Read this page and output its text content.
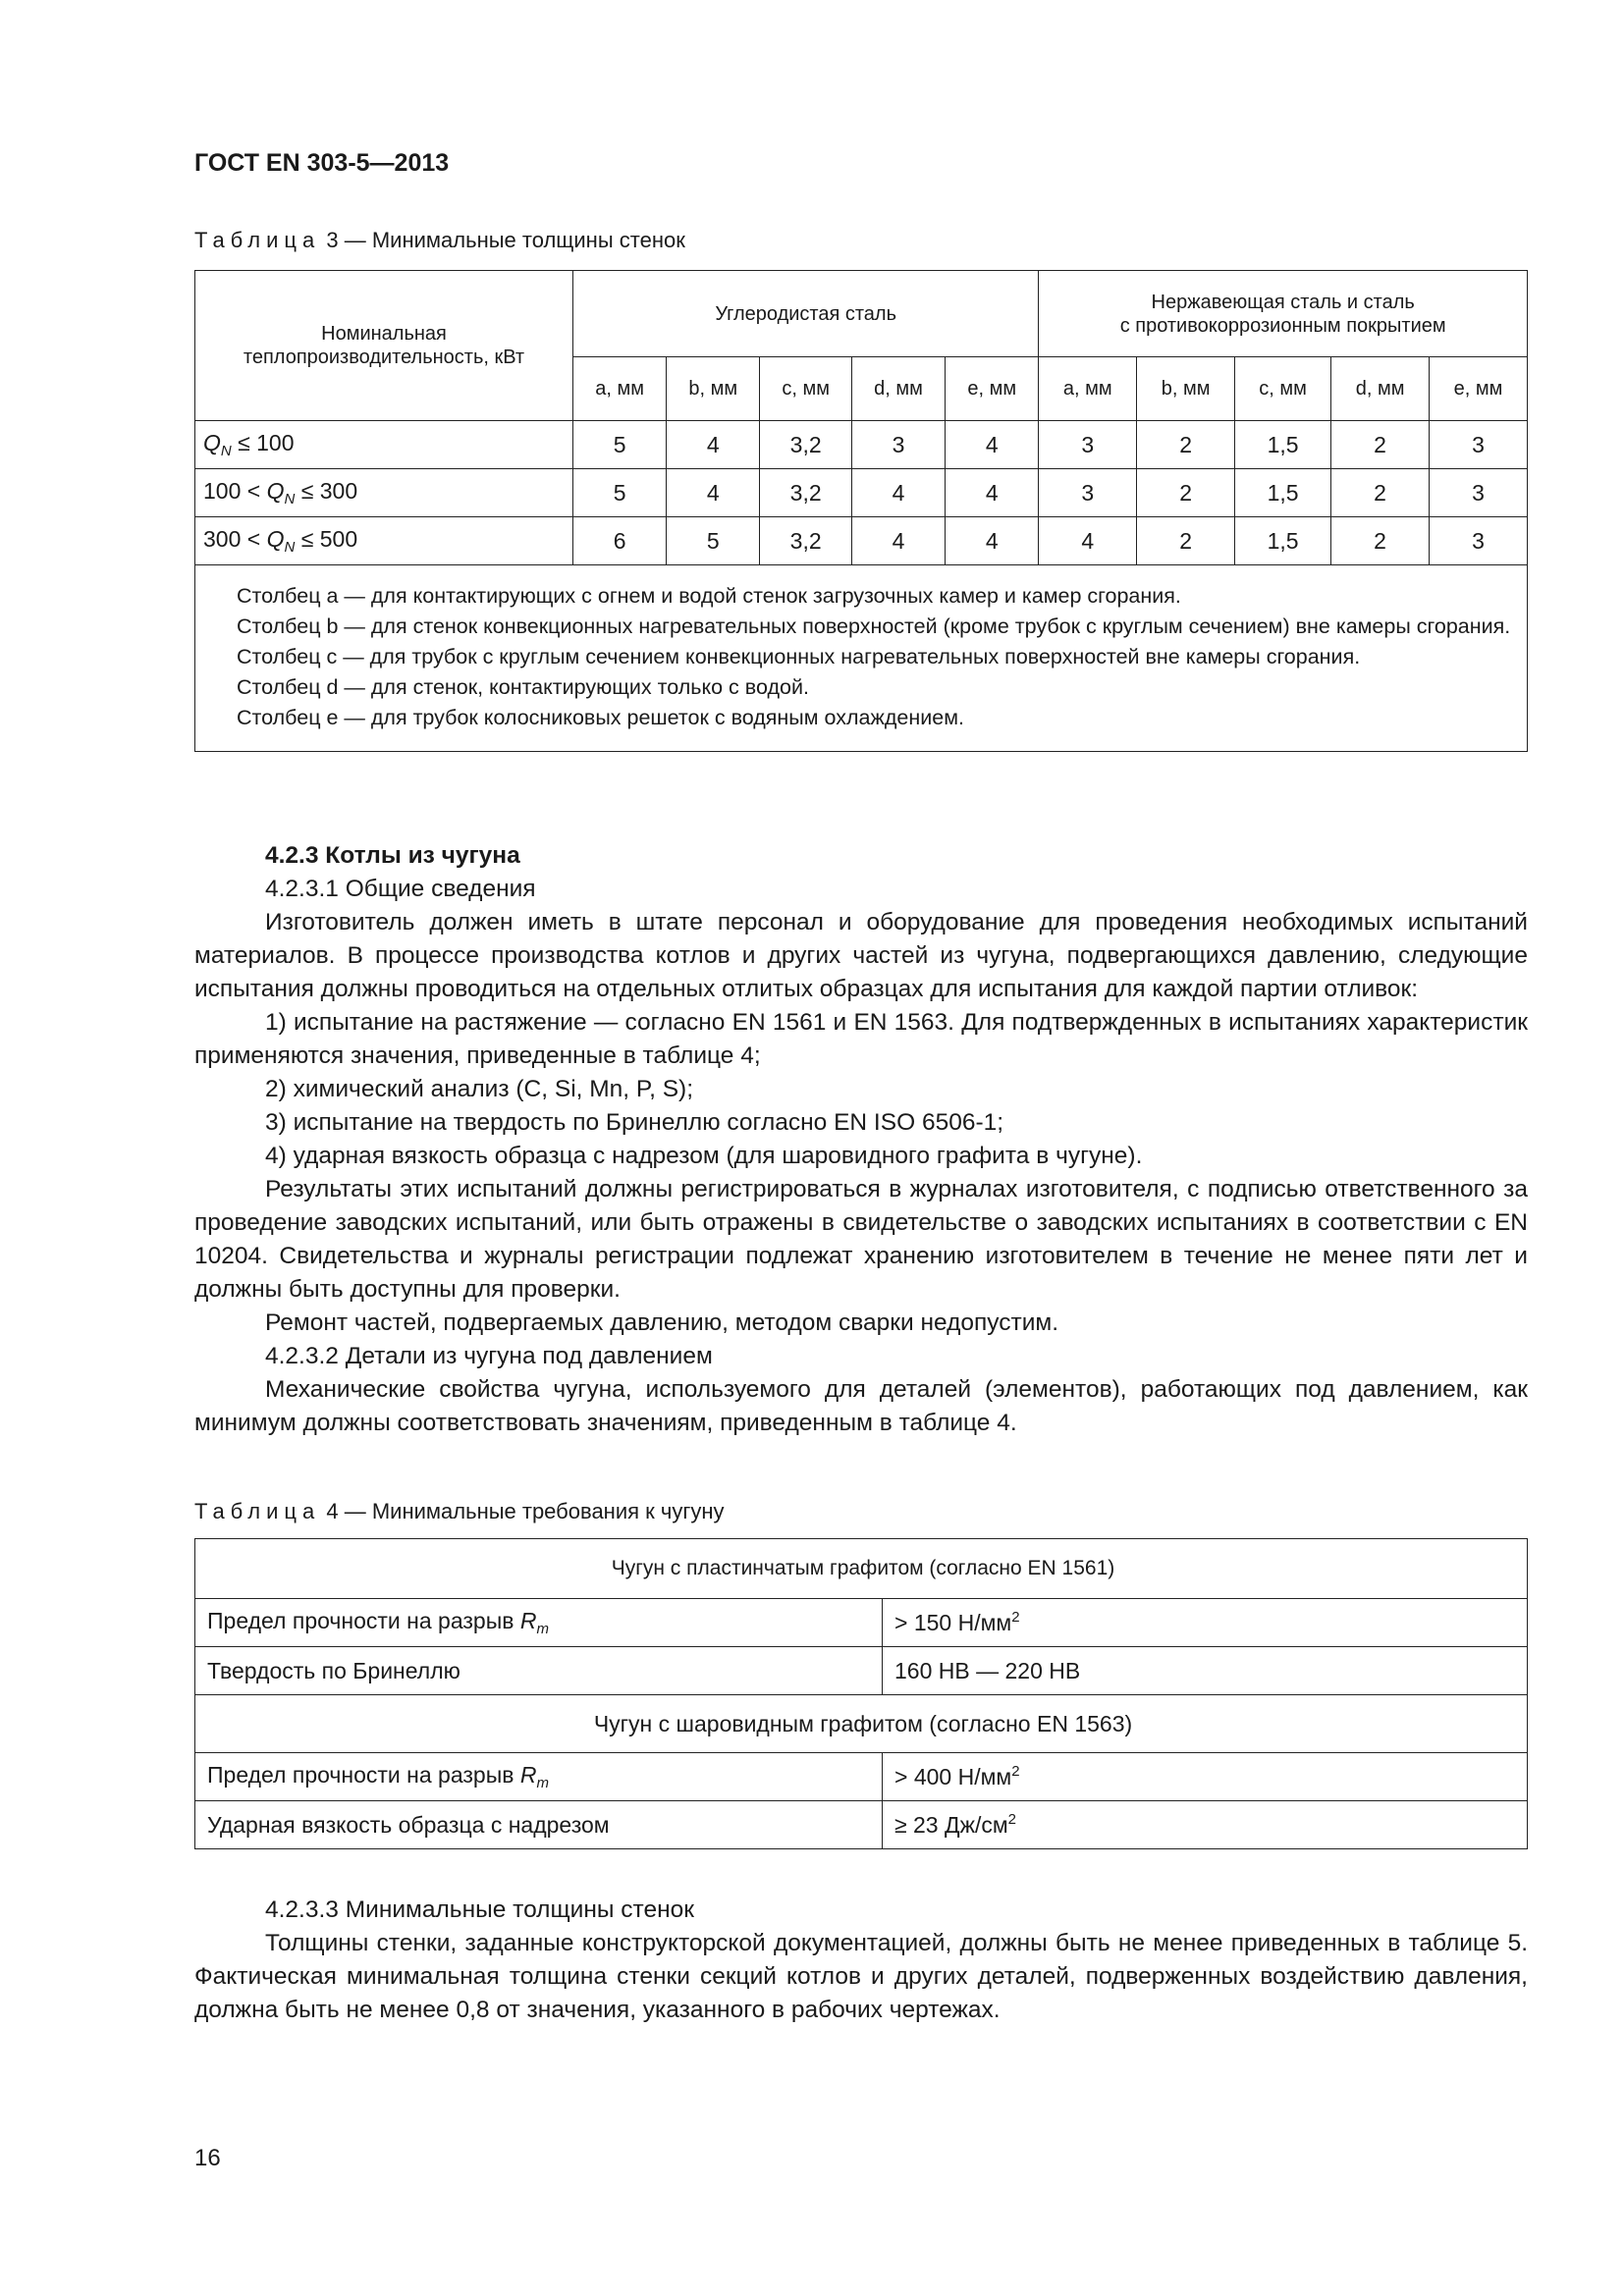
ГОСТ EN 303-5—2013
Таблица 3 — Минимальные толщины стенок
Номинальная теплопроизводительность, кВт	Углеродистая сталь					Нержавеющая сталь и сталь
с противокоррозионным покрытием				

	a, мм	b, мм	c, мм	d, мм	e, мм	a, мм	b, мм	c, мм	d, мм	e, мм
$Q_N \le 100$	5	4	3,2	3	4	3	2	1,5	2	3
$100 < Q_N \le 300$	5	4	3,2	4	4	3	2	1,5	2	3
$300 < Q_N \le 500$	6	5	3,2	4	4	4	2	1,5	2	3

Столбец a — для контактирующих с огнем и водой стенок загрузочных камер и камер сгорания.
Столбец b — для стенок конвекционных нагревательных поверхностей (кроме трубок с круглым сечением) вне камеры сгорания.
Столбец c — для трубок с круглым сечением конвекционных нагревательных поверхностей вне камеры сгорания.
Столбец d — для стенок, контактирующих только с водой.
Столбец e — для трубок колосниковых решеток с водяным охлаждением.										

4.2.3 Котлы из чугуна

4.2.3.1 Общие сведения

Изготовитель должен иметь в штате персонал и оборудование для проведения необходимых испытаний материалов. В процессе производства котлов и других частей из чугуна, подвергающихся давлению, следующие испытания должны проводиться на отдельных отлитых образцах для испытания для каждой партии отливок:

1) испытание на растяжение — согласно EN 1561 и EN 1563. Для подтвержденных в испытаниях характеристик применяются значения, приведенные в таблице 4;

2) химический анализ (C, Si, Mn, P, S);

3) испытание на твердость по Бринеллю согласно EN ISO 6506-1;

4) ударная вязкость образца с надрезом (для шаровидного графита в чугуне).

Результаты этих испытаний должны регистрироваться в журналах изготовителя, с подписью ответственного за проведение заводских испытаний, или быть отражены в свидетельстве о заводских испытаниях в соответствии с EN 10204. Свидетельства и журналы регистрации подлежат хранению изготовителем в течение не менее пяти лет и должны быть доступны для проверки.

Ремонт частей, подвергаемых давлению, методом сварки недопустим.

4.2.3.2 Детали из чугуна под давлением

Механические свойства чугуна, используемого для деталей (элементов), работающих под давлением, как минимум должны соответствовать значениям, приведенным в таблице 4.

Таблица 4 — Минимальные требования к чугуну
Чугун с пластинчатым графитом (согласно EN 1561)	
Предел прочности на разрыв $R_m$	> 150 $Н/мм^2$
Твердость по Бринеллю	160 HB — 220 HB
Чугун с шаровидным графитом (согласно EN 1563)	
Предел прочности на разрыв $R_m$	> 400 $Н/мм^2$
Ударная вязкость образца с надрезом	≥ 23 $Дж/см^2$

4.2.3.3 Минимальные толщины стенок

Толщины стенки, заданные конструкторской документацией, должны быть не менее приведенных в таблице 5. Фактическая минимальная толщина стенки секций котлов и других деталей, подверженных воздействию давления, должна быть не менее 0,8 от значения, указанного в рабочих чертежах.

16
